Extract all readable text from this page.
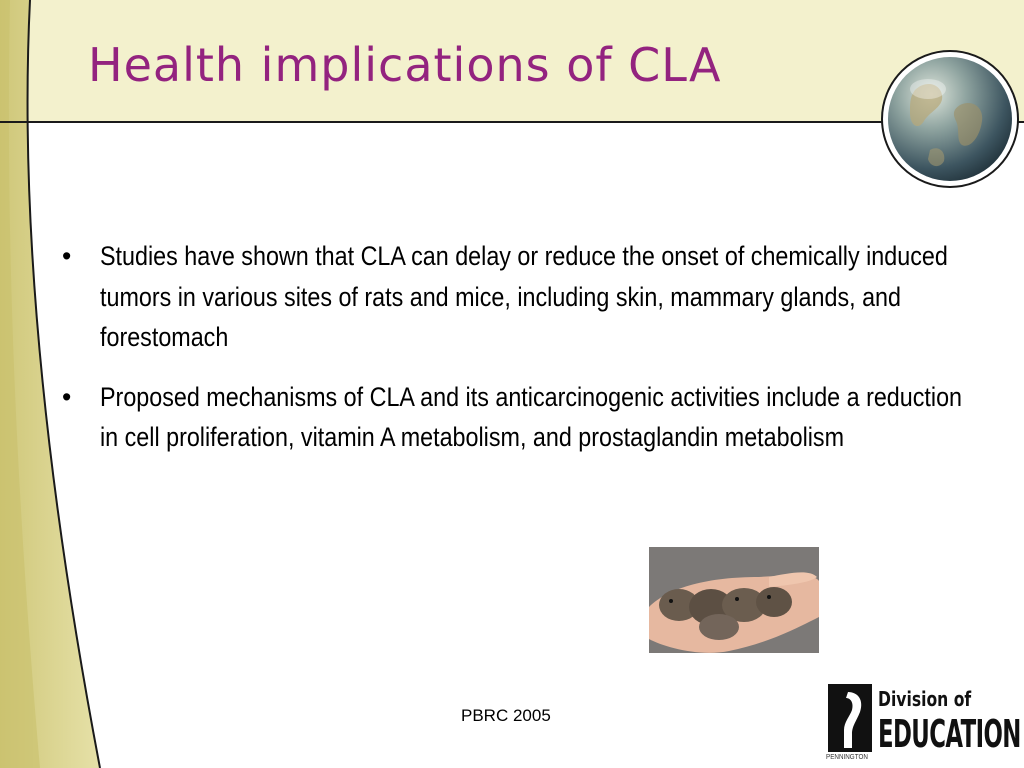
Health implications of CLA
• Studies have shown that CLA can delay or reduce the onset of chemically induced tumors in various sites of rats and mice, including skin, mammary glands, and forestomach
• Proposed mechanisms of CLA and its anticarcinogenic activities include a reduction in cell proliferation, vitamin A metabolism, and prostaglandin metabolism
PBRC 2005
Division of
EDUCATION
PENNINGTON
